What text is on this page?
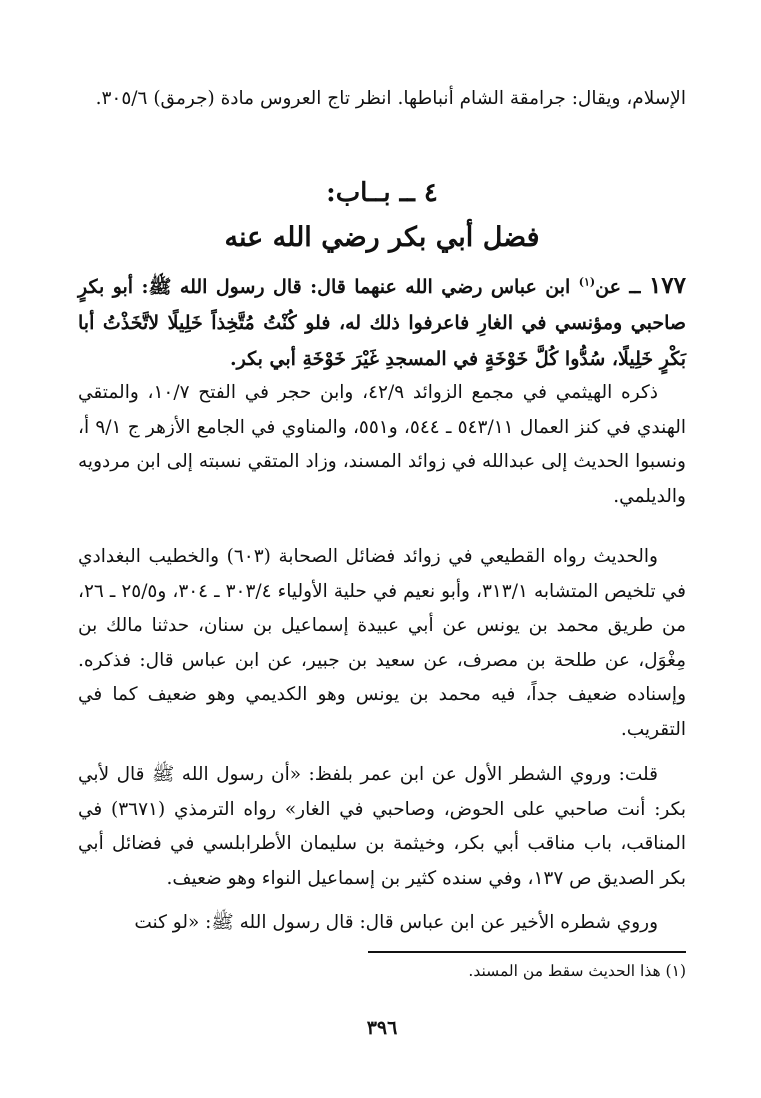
الإسلام، ويقال: جرامقة الشام أنباطها. انظر تاج العروس مادة (جرمق) ٣٠٥/٦.

٤ ــ بــاب:
فضل أبي بكر رضي الله عنه

١٧٧ ــ عن$^{(١)}$ ابن عباس رضي الله عنهما قال: قال رسول الله ﷺ: أبو بكرٍ صاحبي ومؤنسي في الغارِ فاعرفوا ذلك له، فلو كُنْتُ مُتَّخِذاً خَلِيلًا لاتَّخَذْتُ أبا بَكْرٍ خَلِيلًا، سُدُّوا كُلَّ خَوْخَةٍ في المسجدِ غَيْرَ خَوْخَةِ أبي بكر.

ذكره الهيثمي في مجمع الزوائد ٤٢/٩، وابن حجر في الفتح ١٠/٧، والمتقي الهندي في كنز العمال ٥٤٣/١١ ـ ٥٤٤، و٥٥١، والمناوي في الجامع الأزهر ج ٩/١ أ، ونسبوا الحديث إلى عبدالله في زوائد المسند، وزاد المتقي نسبته إلى ابن مردويه والديلمي.

والحديث رواه القطيعي في زوائد فضائل الصحابة (٦٠٣) والخطيب البغدادي في تلخيص المتشابه ٣١٣/١، وأبو نعيم في حلية الأولياء ٣٠٣/٤ ـ ٣٠٤، و٢٥/٥ ـ ٢٦، من طريق محمد بن يونس عن أبي عبيدة إسماعيل بن سنان، حدثنا مالك بن مِغْوَل، عن طلحة بن مصرف، عن سعيد بن جبير، عن ابن عباس قال: فذكره. وإسناده ضعيف جداً، فيه محمد بن يونس وهو الكديمي وهو ضعيف كما في التقريب.

قلت: وروي الشطر الأول عن ابن عمر بلفظ: «أن رسول الله ﷺ قال لأبي بكر: أنت صاحبي على الحوض، وصاحبي في الغار» رواه الترمذي (٣٦٧١) في المناقب، باب مناقب أبي بكر، وخيثمة بن سليمان الأطرابلسي في فضائل أبي بكر الصديق ص ١٣٧، وفي سنده كثير بن إسماعيل النواء وهو ضعيف.

وروي شطره الأخير عن ابن عباس قال: قال رسول الله ﷺ: «لو كنت

(١) هذا الحديث سقط من المسند.
٣٩٦
